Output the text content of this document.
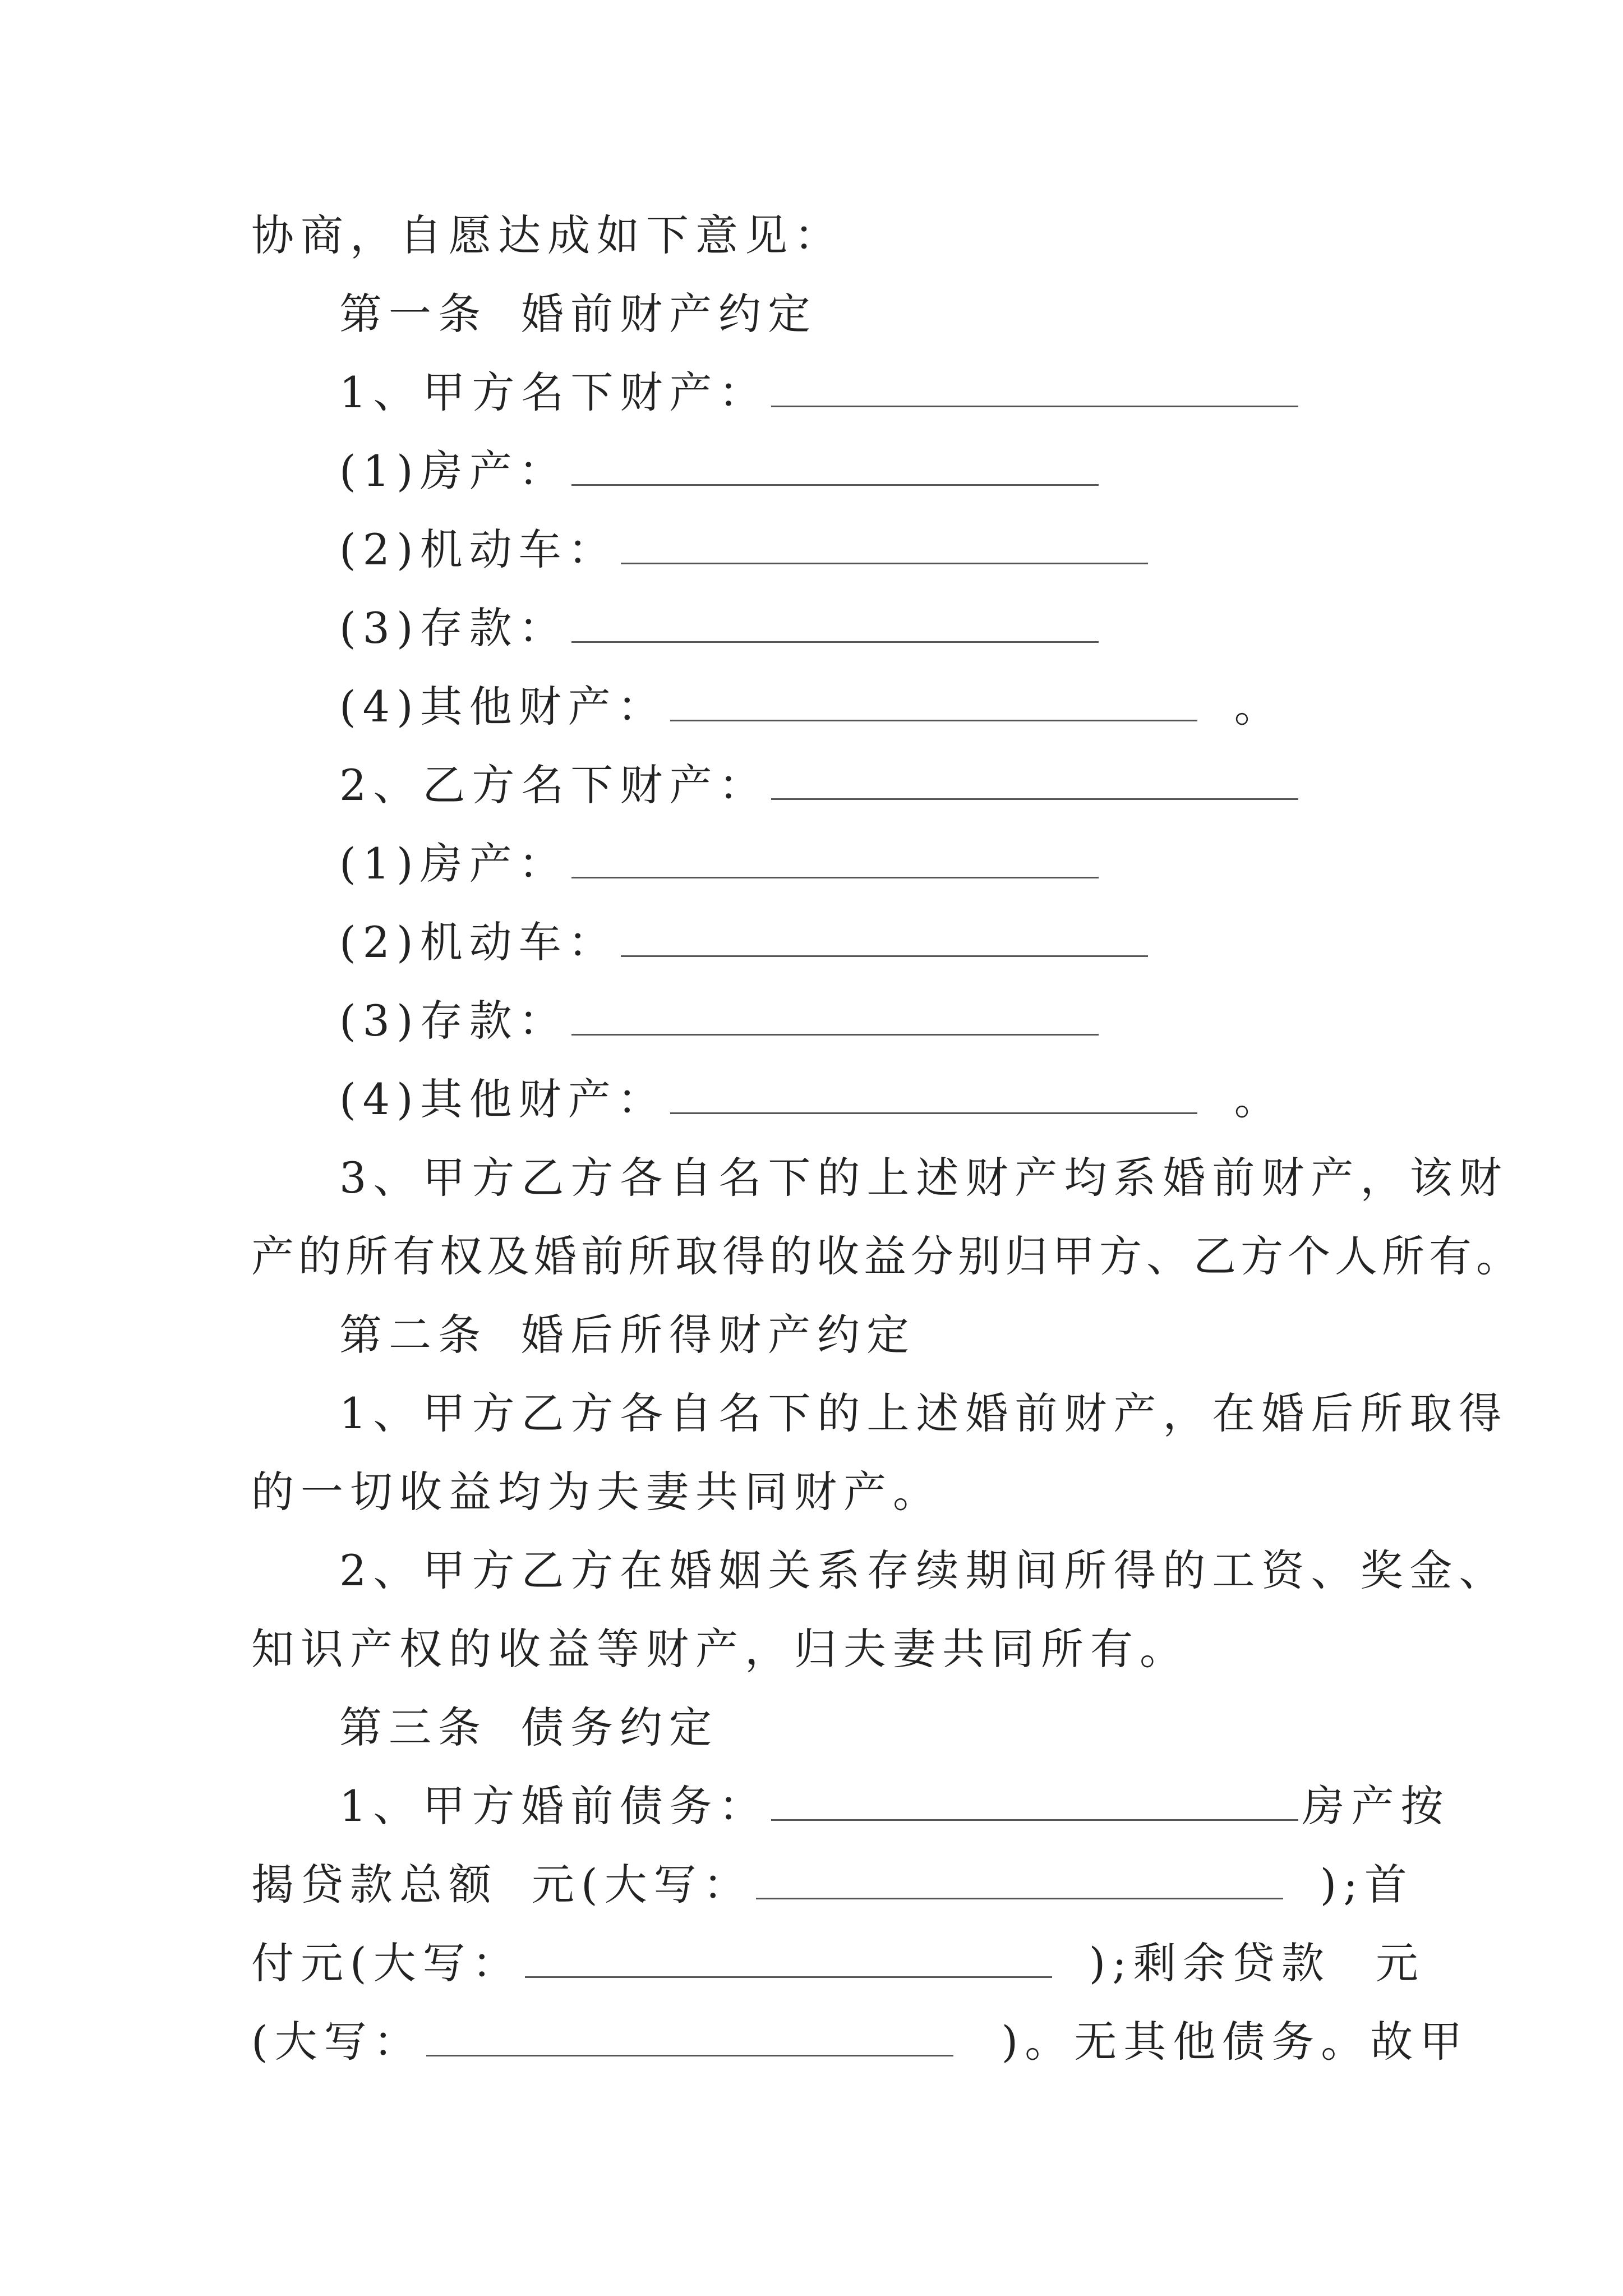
协商，自愿达成如下意见：
第一条 婚前财产约定
1、甲方名下财产：
(1)房产：
(2)机动车：
(3)存款：
(4)其他财产：	。
2、乙方名下财产：
(1)房产：
(2)机动车：
(3)存款：
(4)其他财产：	。
3、甲方乙方各自名下的上述财产均系婚前财产，该财
产的所有权及婚前所取得的收益分别归甲方、乙方个人所有。
第二条 婚后所得财产约定
1、甲方乙方各自名下的上述婚前财产，在婚后所取得
的一切收益均为夫妻共同财产。
2、甲方乙方在婚姻关系存续期间所得的工资、奖金、
知识产权的收益等财产，归夫妻共同所有。
第三条 债务约定
1、甲方婚前债务：	房产按
揭贷款总额 元(大写：	);首
付元(大写：	);剩余贷款 元
(大写：	)。无其他债务。故甲
